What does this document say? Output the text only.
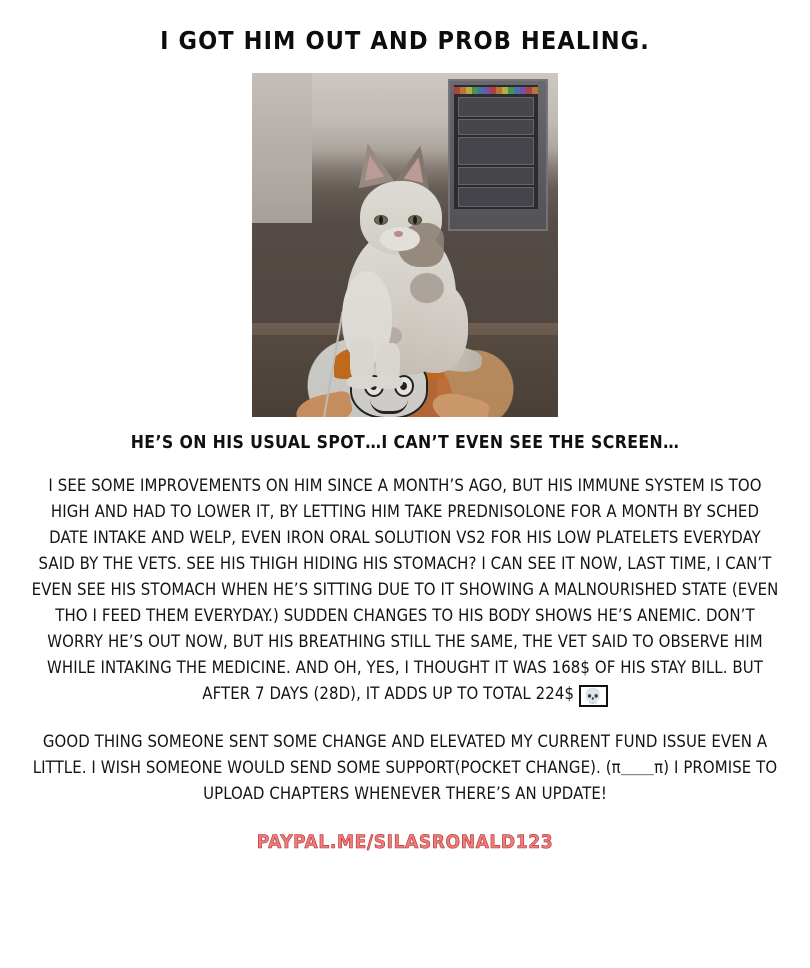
I GOT HIM OUT AND PROB HEALING.
HE’S ON HIS USUAL SPOT…I CAN’T EVEN SEE THE SCREEN…
I SEE SOME IMPROVEMENTS ON HIM SINCE A MONTH’S AGO, BUT HIS IMMUNE SYSTEM IS TOO HIGH AND HAD TO LOWER IT, BY LETTING HIM TAKE PREDNISOLONE FOR A MONTH BY SCHED DATE INTAKE AND WELP, EVEN IRON ORAL SOLUTION VS2 FOR HIS LOW PLATELETS EVERYDAY SAID BY THE VETS. SEE HIS THIGH HIDING HIS STOMACH? I CAN SEE IT NOW, LAST TIME, I CAN’T EVEN SEE HIS STOMACH WHEN HE’S SITTING DUE TO IT SHOWING A MALNOURISHED STATE (EVEN THO I FEED THEM EVERYDAY.) SUDDEN CHANGES TO HIS BODY SHOWS HE’S ANEMIC. DON’T WORRY HE’S OUT NOW, BUT HIS BREATHING STILL THE SAME, THE VET SAID TO OBSERVE HIM WHILE INTAKING THE MEDICINE. AND OH, YES, I THOUGHT IT WAS 168$ OF HIS STAY BILL. BUT AFTER 7 DAYS (28D), IT ADDS UP TO TOTAL 224$ 💀
GOOD THING SOMEONE SENT SOME CHANGE AND ELEVATED MY CURRENT FUND ISSUE EVEN A LITTLE. I WISH SOMEONE WOULD SEND SOME SUPPORT(POCKET CHANGE). (π＿＿π) I PROMISE TO UPLOAD CHAPTERS WHENEVER THERE’S AN UPDATE!
PAYPAL.ME/SILASRONALD123
